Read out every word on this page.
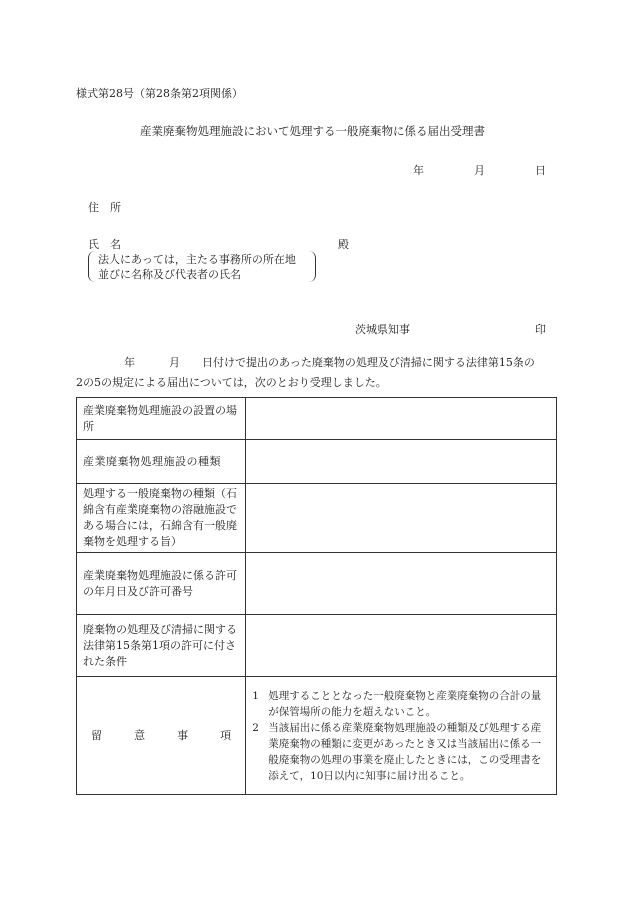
様式第28号（第28条第2項関係）
産業廃棄物処理施設において処理する一般廃棄物に係る届出受理書
年	月	日
住　所
氏　名	殿
法人にあっては，主たる事務所の所在地
並びに名称及び代表者の氏名
茨城県知事	印
年	月 日付けで提出のあった廃棄物の処理及び清掃に関する法律第15条の
2の5の規定による届出については，次のとおり受理しました。
産業廃棄物処理施設の設置の場所	
産業廃棄物処理施設の種類	
処理する一般廃棄物の種類（石綿含有産業廃棄物の溶融施設である場合には，石綿含有一般廃棄物を処理する旨）	
産業廃棄物処理施設に係る許可の年月日及び許可番号	
廃棄物の処理及び清掃に関する法律第15条第1項の許可に付された条件	
留 意 事 項	1 処理することとなった一般廃棄物と産業廃棄物の合計の量が保管場所の能力を超えないこと。
2 当該届出に係る産業廃棄物処理施設の種類及び処理する産業廃棄物の種類に変更があったとき又は当該届出に係る一般廃棄物の処理の事業を廃止したときには，この受理書を添えて，10日以内に知事に届け出ること。
